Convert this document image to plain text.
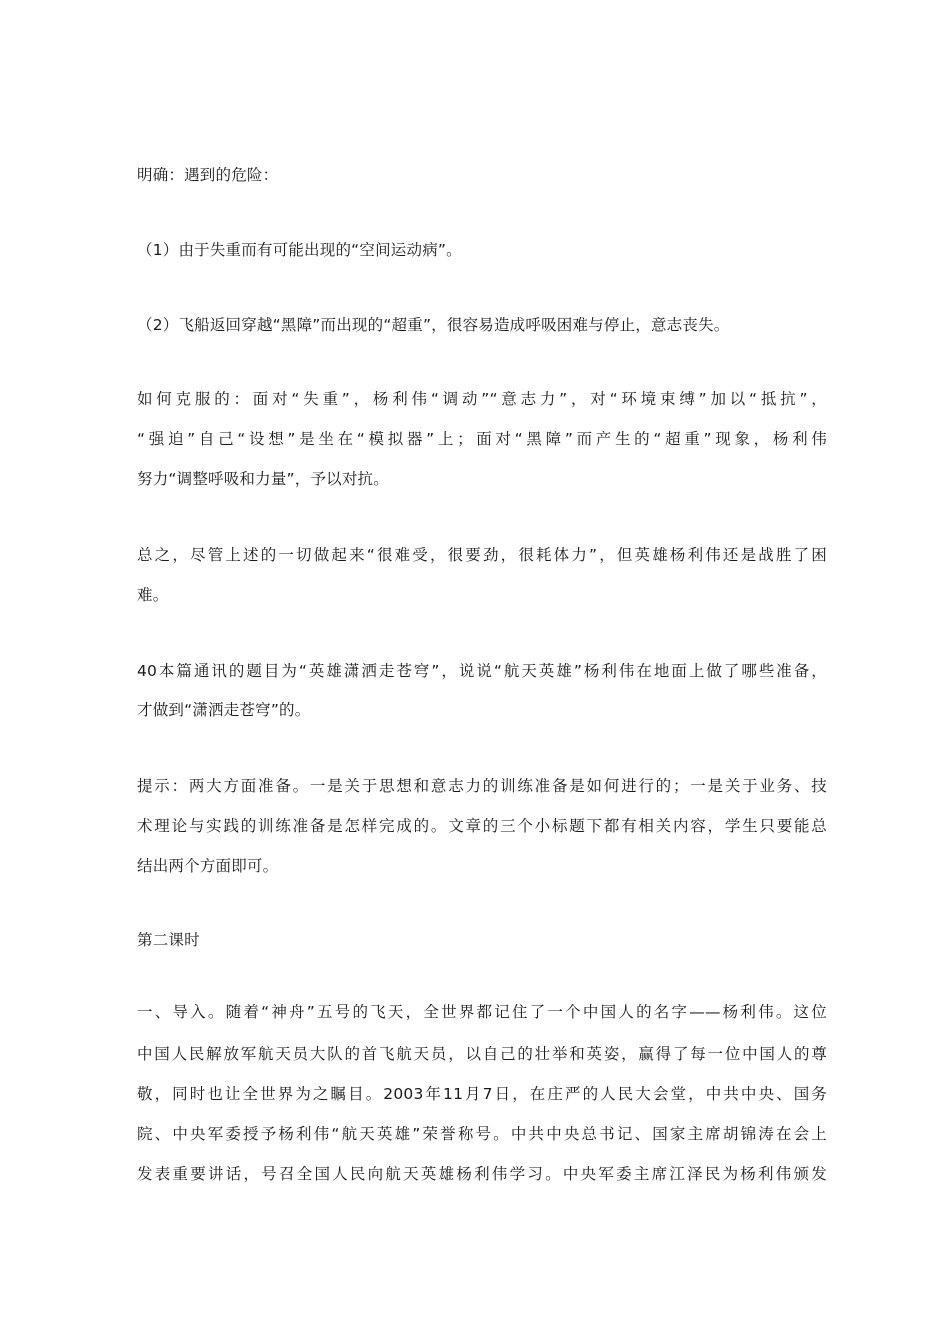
明确：遇到的危险：
（1）由于失重而有可能出现的“空间运动病”。
（2）飞船返回穿越“黑障”而出现的“超重”，很容易造成呼吸困难与停止，意志丧失。
如何克服的：面对“失重”，杨利伟“调动”“意志力”，对“环境束缚”加以“抵抗”，
“强迫”自己“设想”是坐在“模拟器”上；面对“黑障”而产生的“超重”现象，杨利伟
努力“调整呼吸和力量”，予以对抗。
总之，尽管上述的一切做起来“很难受，很要劲，很耗体力”，但英雄杨利伟还是战胜了困
难。
40本篇通讯的题目为“英雄潇洒走苍穹”，说说“航天英雄”杨利伟在地面上做了哪些准备，
才做到“潇洒走苍穹”的。
提示：两大方面准备。一是关于思想和意志力的训练准备是如何进行的；一是关于业务、技
术理论与实践的训练准备是怎样完成的。文章的三个小标题下都有相关内容，学生只要能总
结出两个方面即可。
第二课时
一、导入。随着“神舟”五号的飞天，全世界都记住了一个中国人的名字——杨利伟。这位
中国人民解放军航天员大队的首飞航天员，以自己的壮举和英姿，赢得了每一位中国人的尊
敬，同时也让全世界为之瞩目。2003年11月7日，在庄严的人民大会堂，中共中央、国务
院、中央军委授予杨利伟“航天英雄”荣誉称号。中共中央总书记、国家主席胡锦涛在会上
发表重要讲话，号召全国人民向航天英雄杨利伟学习。中央军委主席江泽民为杨利伟颁发
